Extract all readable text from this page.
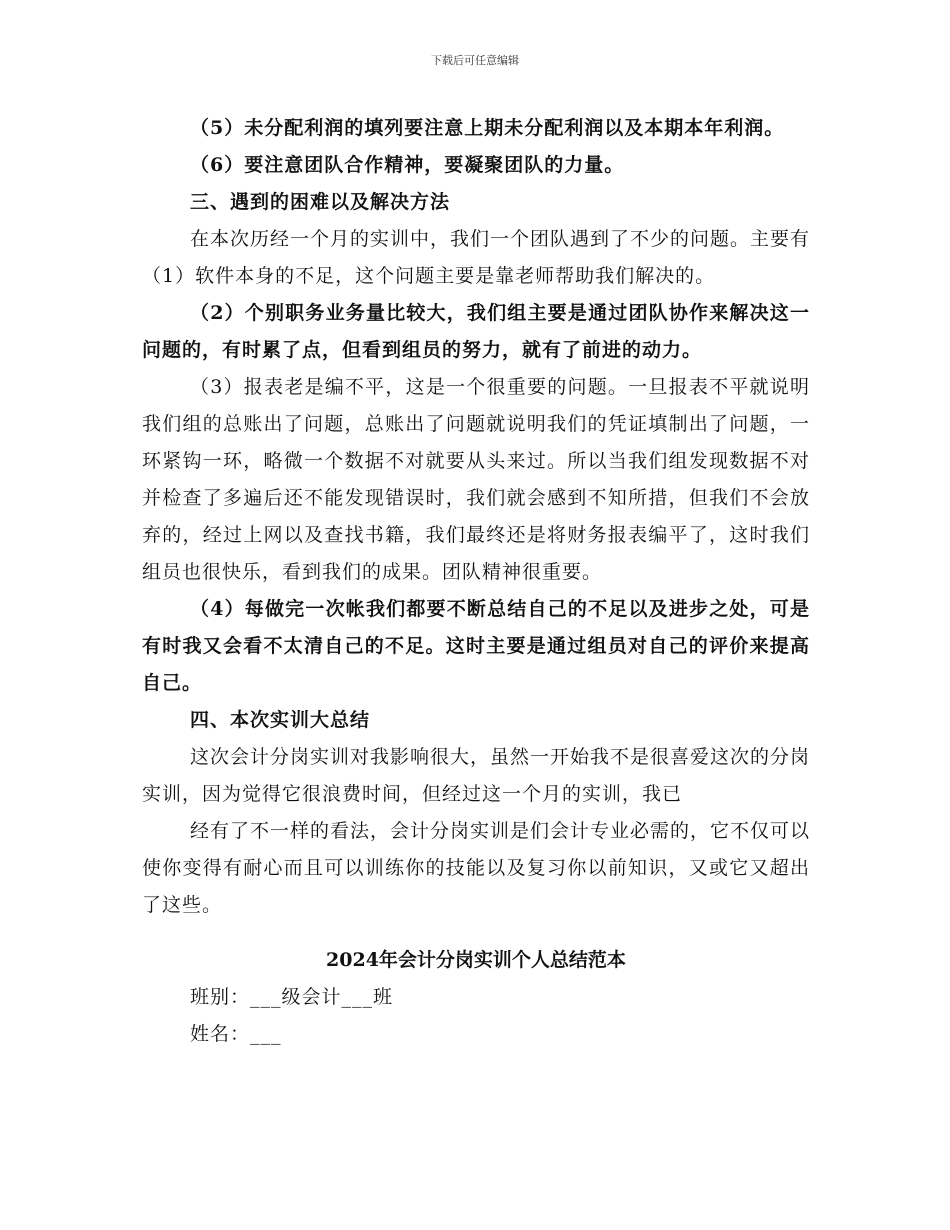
下载后可任意编辑

（5）未分配利润的填列要注意上期未分配利润以及本期本年利润。

（6）要注意团队合作精神，要凝聚团队的力量。

三、遇到的困难以及解决方法

在本次历经一个月的实训中，我们一个团队遇到了不少的问题。主要有（1）软件本身的不足，这个问题主要是靠老师帮助我们解决的。

（2）个别职务业务量比较大，我们组主要是通过团队协作来解决这一问题的，有时累了点，但看到组员的努力，就有了前进的动力。

（3）报表老是编不平，这是一个很重要的问题。一旦报表不平就说明我们组的总账出了问题，总账出了问题就说明我们的凭证填制出了问题，一环紧钩一环，略微一个数据不对就要从头来过。所以当我们组发现数据不对并检查了多遍后还不能发现错误时，我们就会感到不知所措，但我们不会放弃的，经过上网以及查找书籍，我们最终还是将财务报表编平了，这时我们组员也很快乐，看到我们的成果。团队精神很重要。

（4）每做完一次帐我们都要不断总结自己的不足以及进步之处，可是有时我又会看不太清自己的不足。这时主要是通过组员对自己的评价来提高自己。

四、本次实训大总结

这次会计分岗实训对我影响很大，虽然一开始我不是很喜爱这次的分岗实训，因为觉得它很浪费时间，但经过这一个月的实训，我已

经有了不一样的看法，会计分岗实训是们会计专业必需的，它不仅可以使你变得有耐心而且可以训练你的技能以及复习你以前知识，又或它又超出了这些。

2024年会计分岗实训个人总结范本

班别：___级会计___班

姓名：___
